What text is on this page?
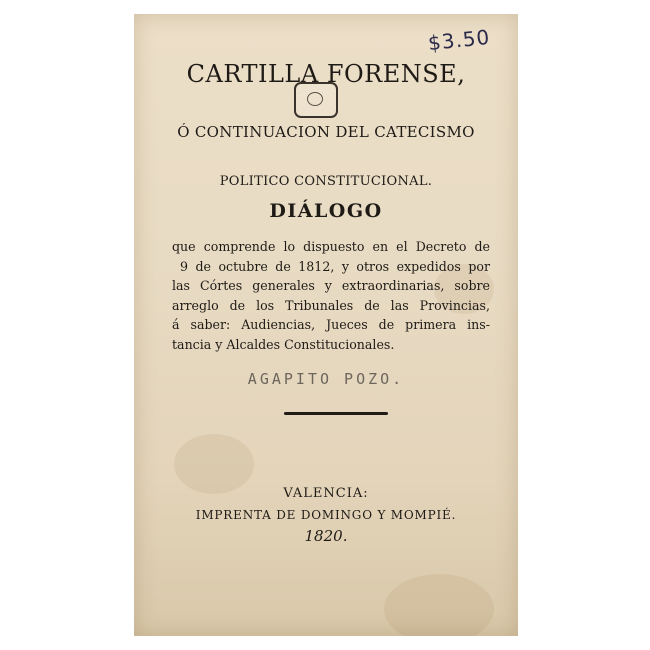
$3.50
CARTILLA FORENSE,
Ó CONTINUACION DEL CATECISMO
POLITICO CONSTITUCIONAL.
DIÁLOGO
que comprende lo dispuesto en el Decreto de
9 de octubre de 1812, y otros expedidos por
las Córtes generales y extraordinarias, sobre
arreglo de los Tribunales de las Provincias,
á saber: Audiencias, Jueces de primera ins-
tancia y Alcaldes Constitucionales.
AGAPITO POZO.
VALENCIA:
IMPRENTA DE DOMINGO Y MOMPIÉ.
1820.
